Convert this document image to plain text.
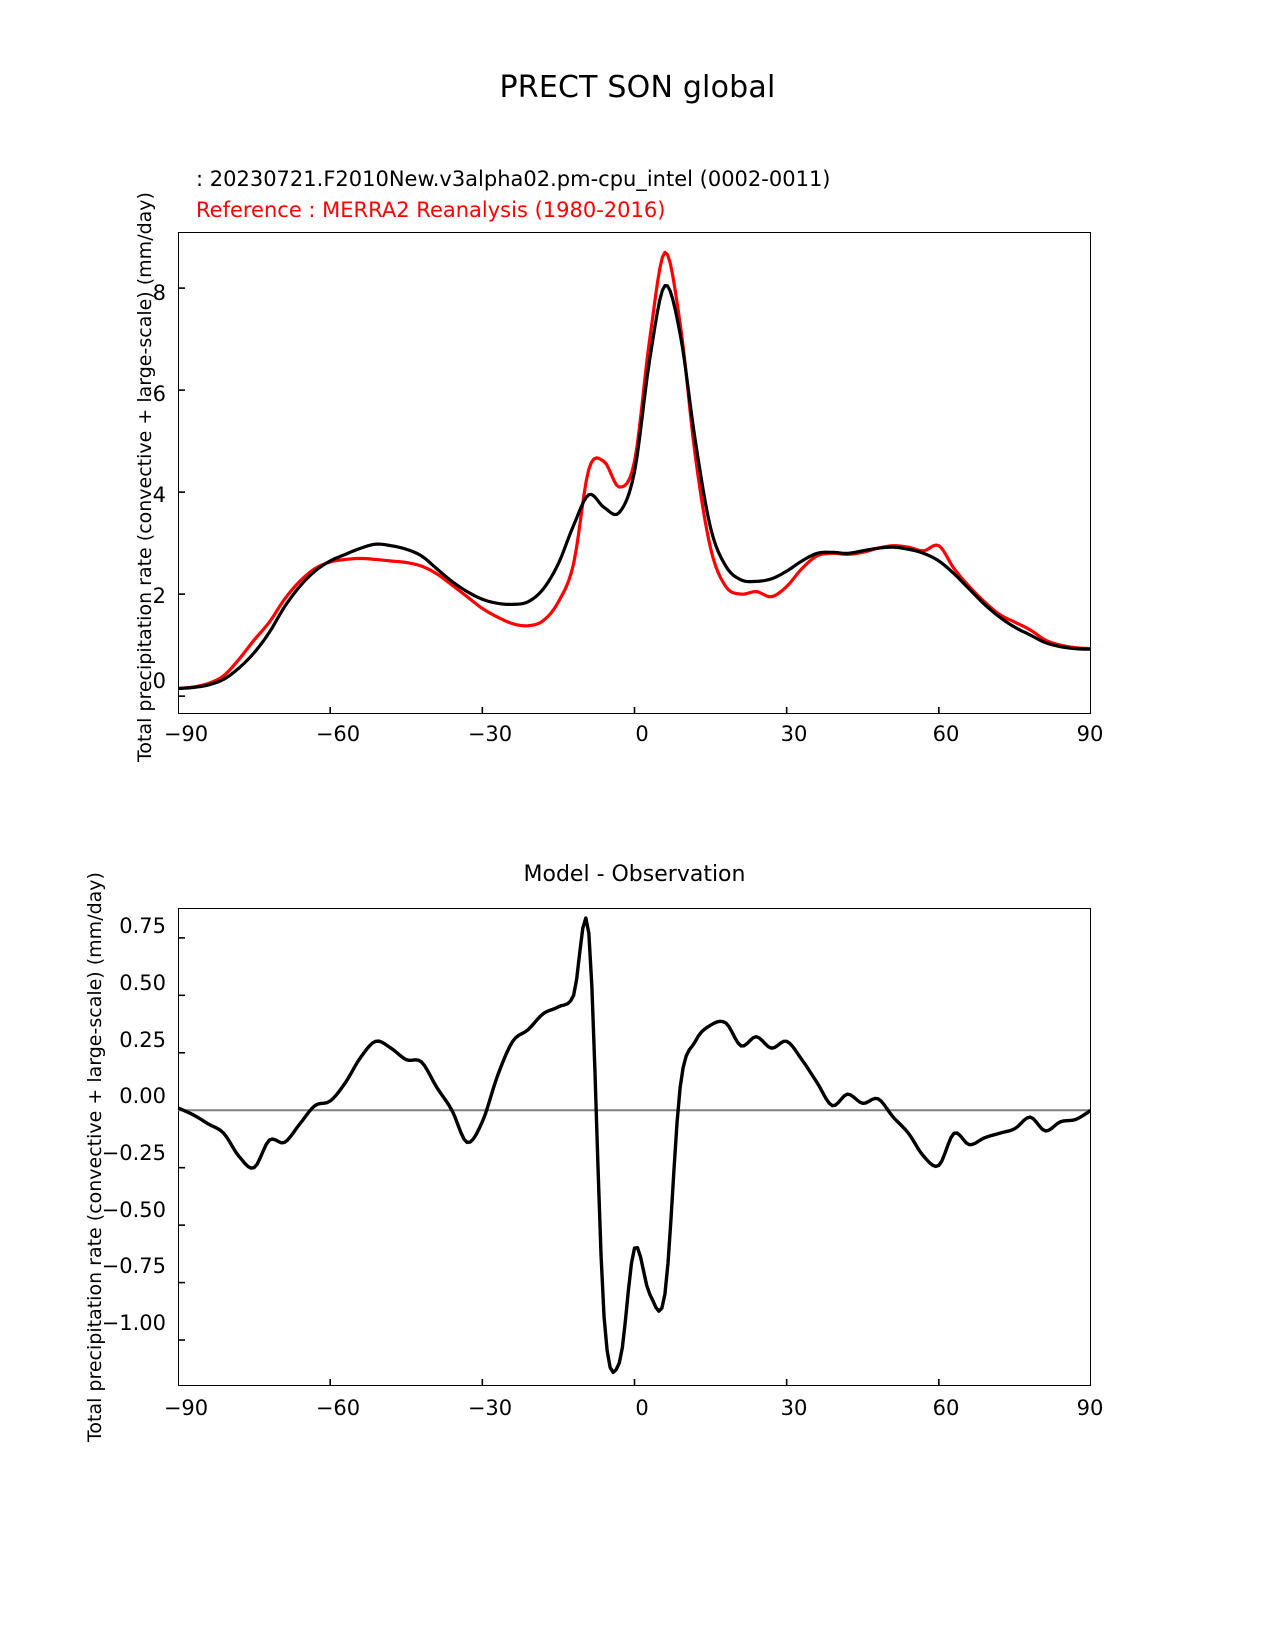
PRECT SON global
: 20230721.F2010New.v3alpha02.pm-cpu_intel (0002-0011)
Reference : MERRA2 Reanalysis (1980-2016)
Total precipitation rate (convective + large-scale) (mm/day)
8
6
4
2
0
−90	−60	−30	0	30	60	90
Model - Observation
Total precipitation rate (convective + large-scale) (mm/day) 0.75
0.50
0.25
0.00
−0.25
−0.50
−0.75
−1.00
−90	−60	−30	0	30	60	90
